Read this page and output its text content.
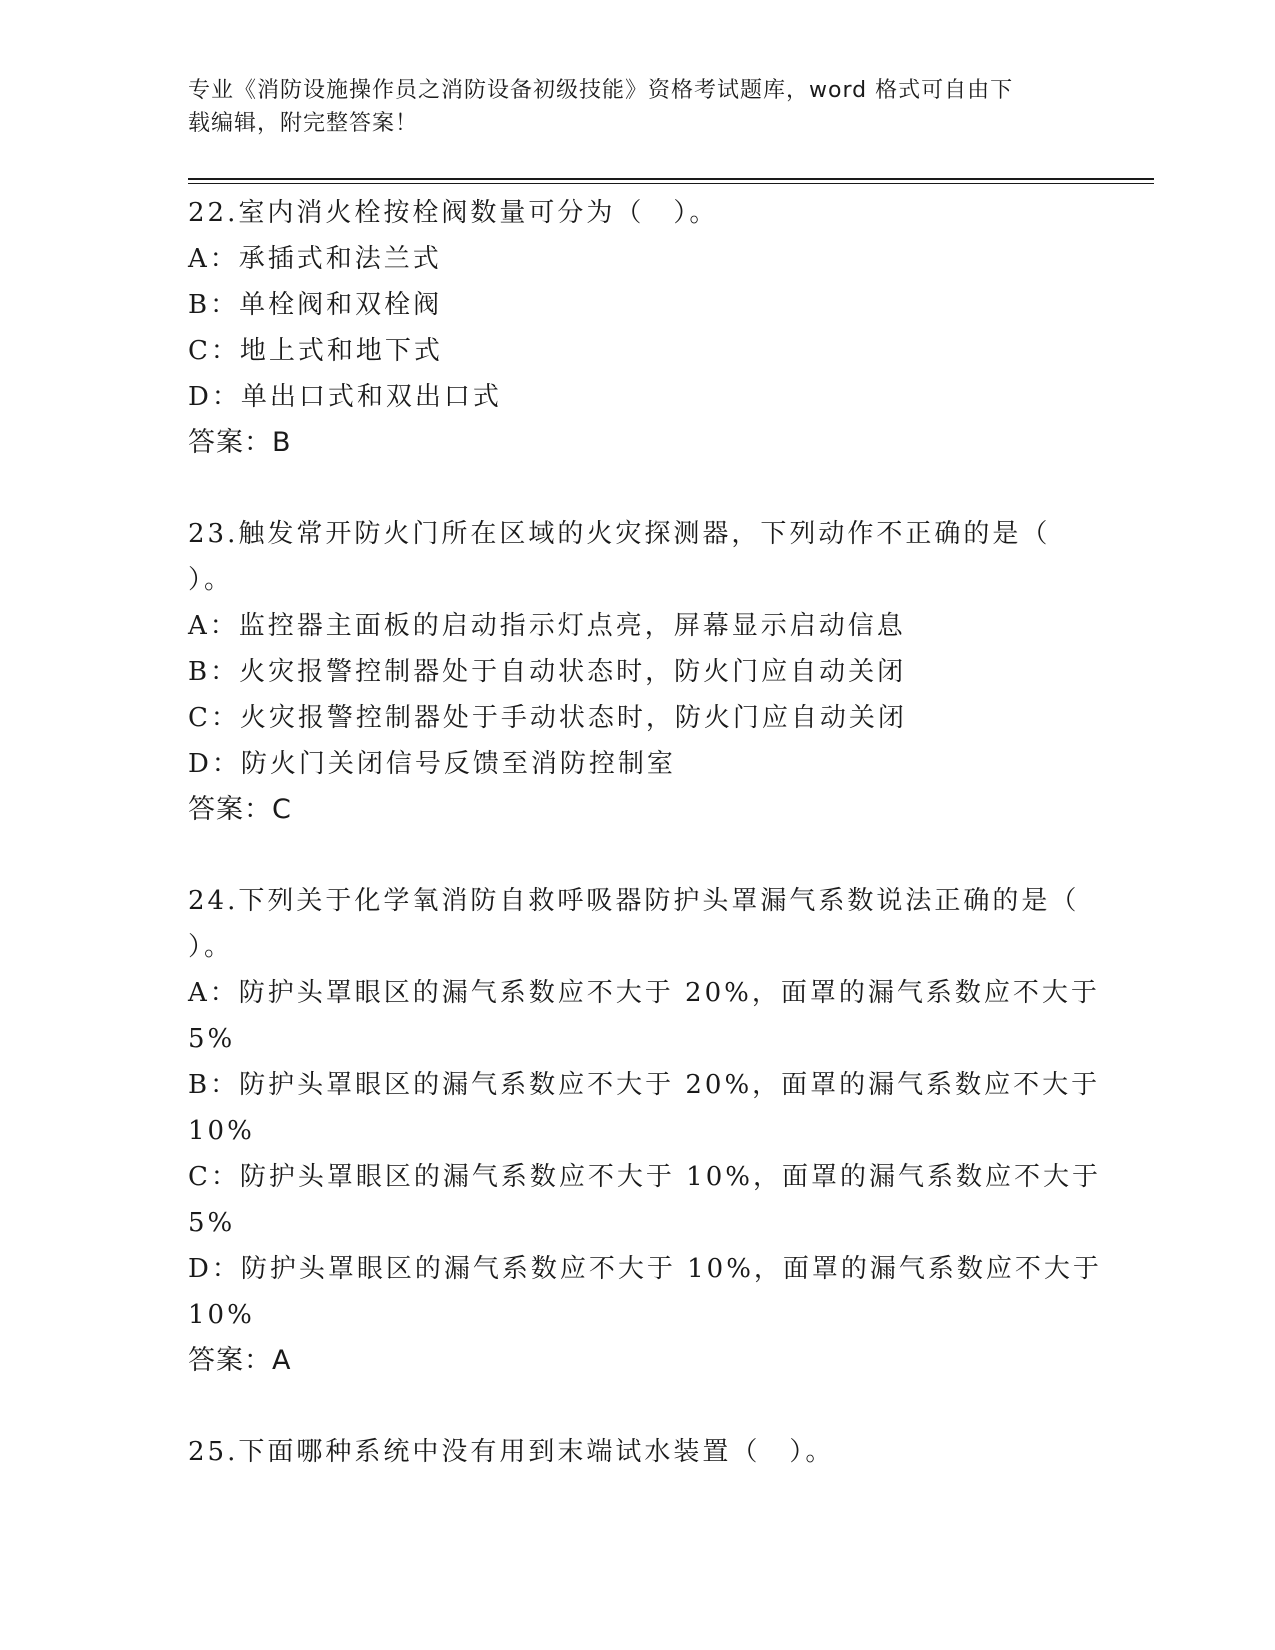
专业《消防设施操作员之消防设备初级技能》资格考试题库，word 格式可自由下
载编辑，附完整答案！
22.室内消火栓按栓阀数量可分为（　）。
A：承插式和法兰式
B：单栓阀和双栓阀
C：地上式和地下式
D：单出口式和双出口式
答案：B
23.触发常开防火门所在区域的火灾探测器，下列动作不正确的是（
）。
A：监控器主面板的启动指示灯点亮，屏幕显示启动信息
B：火灾报警控制器处于自动状态时，防火门应自动关闭
C：火灾报警控制器处于手动状态时，防火门应自动关闭
D：防火门关闭信号反馈至消防控制室
答案：C
24.下列关于化学氧消防自救呼吸器防护头罩漏气系数说法正确的是（
）。
A：防护头罩眼区的漏气系数应不大于 20%，面罩的漏气系数应不大于
5%
B：防护头罩眼区的漏气系数应不大于 20%，面罩的漏气系数应不大于
10%
C：防护头罩眼区的漏气系数应不大于 10%，面罩的漏气系数应不大于
5%
D：防护头罩眼区的漏气系数应不大于 10%，面罩的漏气系数应不大于
10%
答案：A
25.下面哪种系统中没有用到末端试水装置（　）。
